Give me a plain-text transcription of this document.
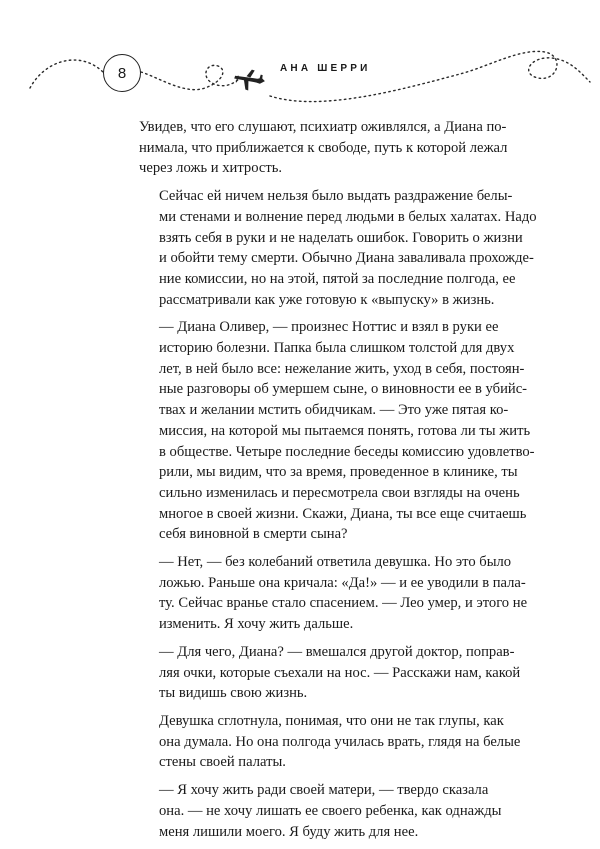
8	АНА ШЕРРИ

Увидев, что его слушают, психиатр оживлялся, а Диана по-
нимала, что приближается к свободе, путь к которой лежал
через ложь и хитрость.

Сейчас ей ничем нельзя было выдать раздражение белы-
ми стенами и волнение перед людьми в белых халатах. Надо
взять себя в руки и не наделать ошибок. Говорить о жизни
и обойти тему смерти. Обычно Диана заваливала прохожде-
ние комиссии, но на этой, пятой за последние полгода, ее
рассматривали как уже готовую к «выпуску» в жизнь.

— Диана Оливер, — произнес Ноттис и взял в руки ее
историю болезни. Папка была слишком толстой для двух
лет, в ней было все: нежелание жить, уход в себя, постоян-
ные разговоры об умершем сыне, о виновности ее в убийс-
твах и желании мстить обидчикам. — Это уже пятая ко-
миссия, на которой мы пытаемся понять, готова ли ты жить
в обществе. Четыре последние беседы комиссию удовлетво-
рили, мы видим, что за время, проведенное в клинике, ты
сильно изменилась и пересмотрела свои взгляды на очень
многое в своей жизни. Скажи, Диана, ты все еще считаешь
себя виновной в смерти сына?

— Нет, — без колебаний ответила девушка. Но это было
ложью. Раньше она кричала: «Да!» — и ее уводили в пала-
ту. Сейчас вранье стало спасением. — Лео умер, и этого не
изменить. Я хочу жить дальше.

— Для чего, Диана? — вмешался другой доктор, поправ-
ляя очки, которые съехали на нос. — Расскажи нам, какой
ты видишь свою жизнь.

Девушка сглотнула, понимая, что они не так глупы, как
она думала. Но она полгода училась врать, глядя на белые
стены своей палаты.

— Я хочу жить ради своей матери, — твердо сказала
она. — не хочу лишать ее своего ребенка, как однажды
меня лишили моего. Я буду жить для нее.
